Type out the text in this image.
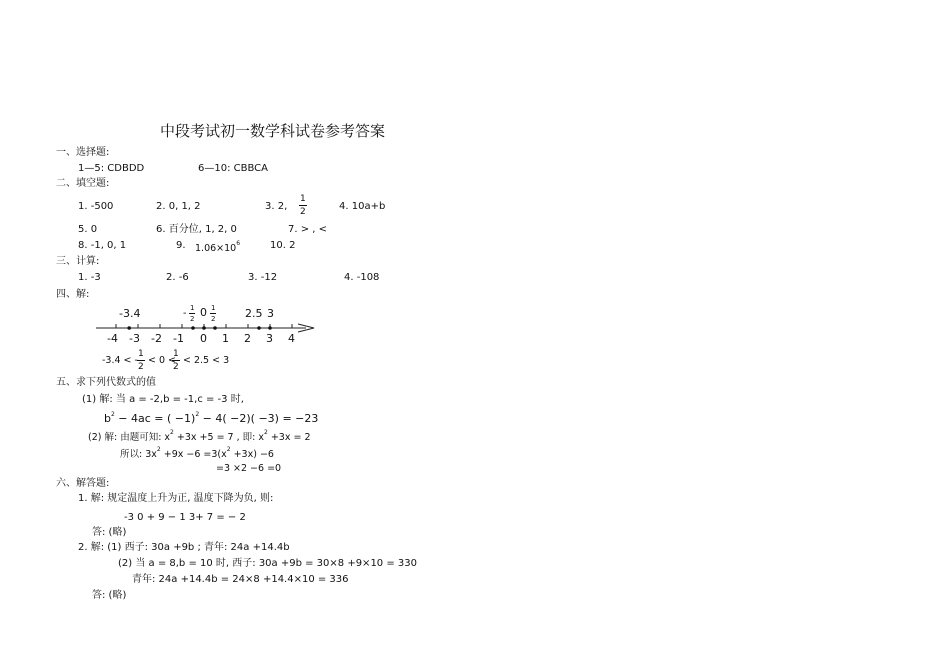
中段考试初一数学科试卷参考答案
一、选择题:
1—5: CDBDD	6—10: CBBCA
二、填空题:
1. -500	2. 0, 1, 2	3. 2, $\frac{1}{2}$	4. 10a+b
5. 0	6. 百分位, 1, 2, 0	7. > , <
8. -1, 0, 1	9. $1.06\times 10^6$	10. 2
三、计算:
1. -3	2. -6	3. -12	4. -108
四、解:
-3.4	- $\frac{1}{2} 0 \frac{1}{2}$	2.5 3
-4 -3 -2 -1 0 1 2 3 4
-3.4 < - $\frac{1}{2} < 0$ <
$\frac{1}{2} < 2.5 < 3$
五、求下列代数式的值
(1) 解: 当 a = -2,b = -1,c = -3 时,
$b^2 - 4ac$ = ( −1)$^2$ − 4( −2)( −3) = −23
(2) 解: 由题可知: $x^2 +3x +5 = 7$ , 即: $x^2 +3x = 2$
所以: $3x^2 +9x -6 =3(x^2 +3x) -6$
=3 ×2 −6 =0
六、解答题:
1. 解: 规定温度上升为正, 温度下降为负, 则:
-3 0 + 9 − 1 3+ 7 = − 2
答: (略)
2. 解: (1) 西子: 30a +9b ; 青年: 24a +14.4b
(2) 当 a = 8,b = 10 时, 西子: 30a +9b = 30×8 +9×10 = 330
青年: 24a +14.4b = 24×8 +14.4×10 = 336
答: (略)
